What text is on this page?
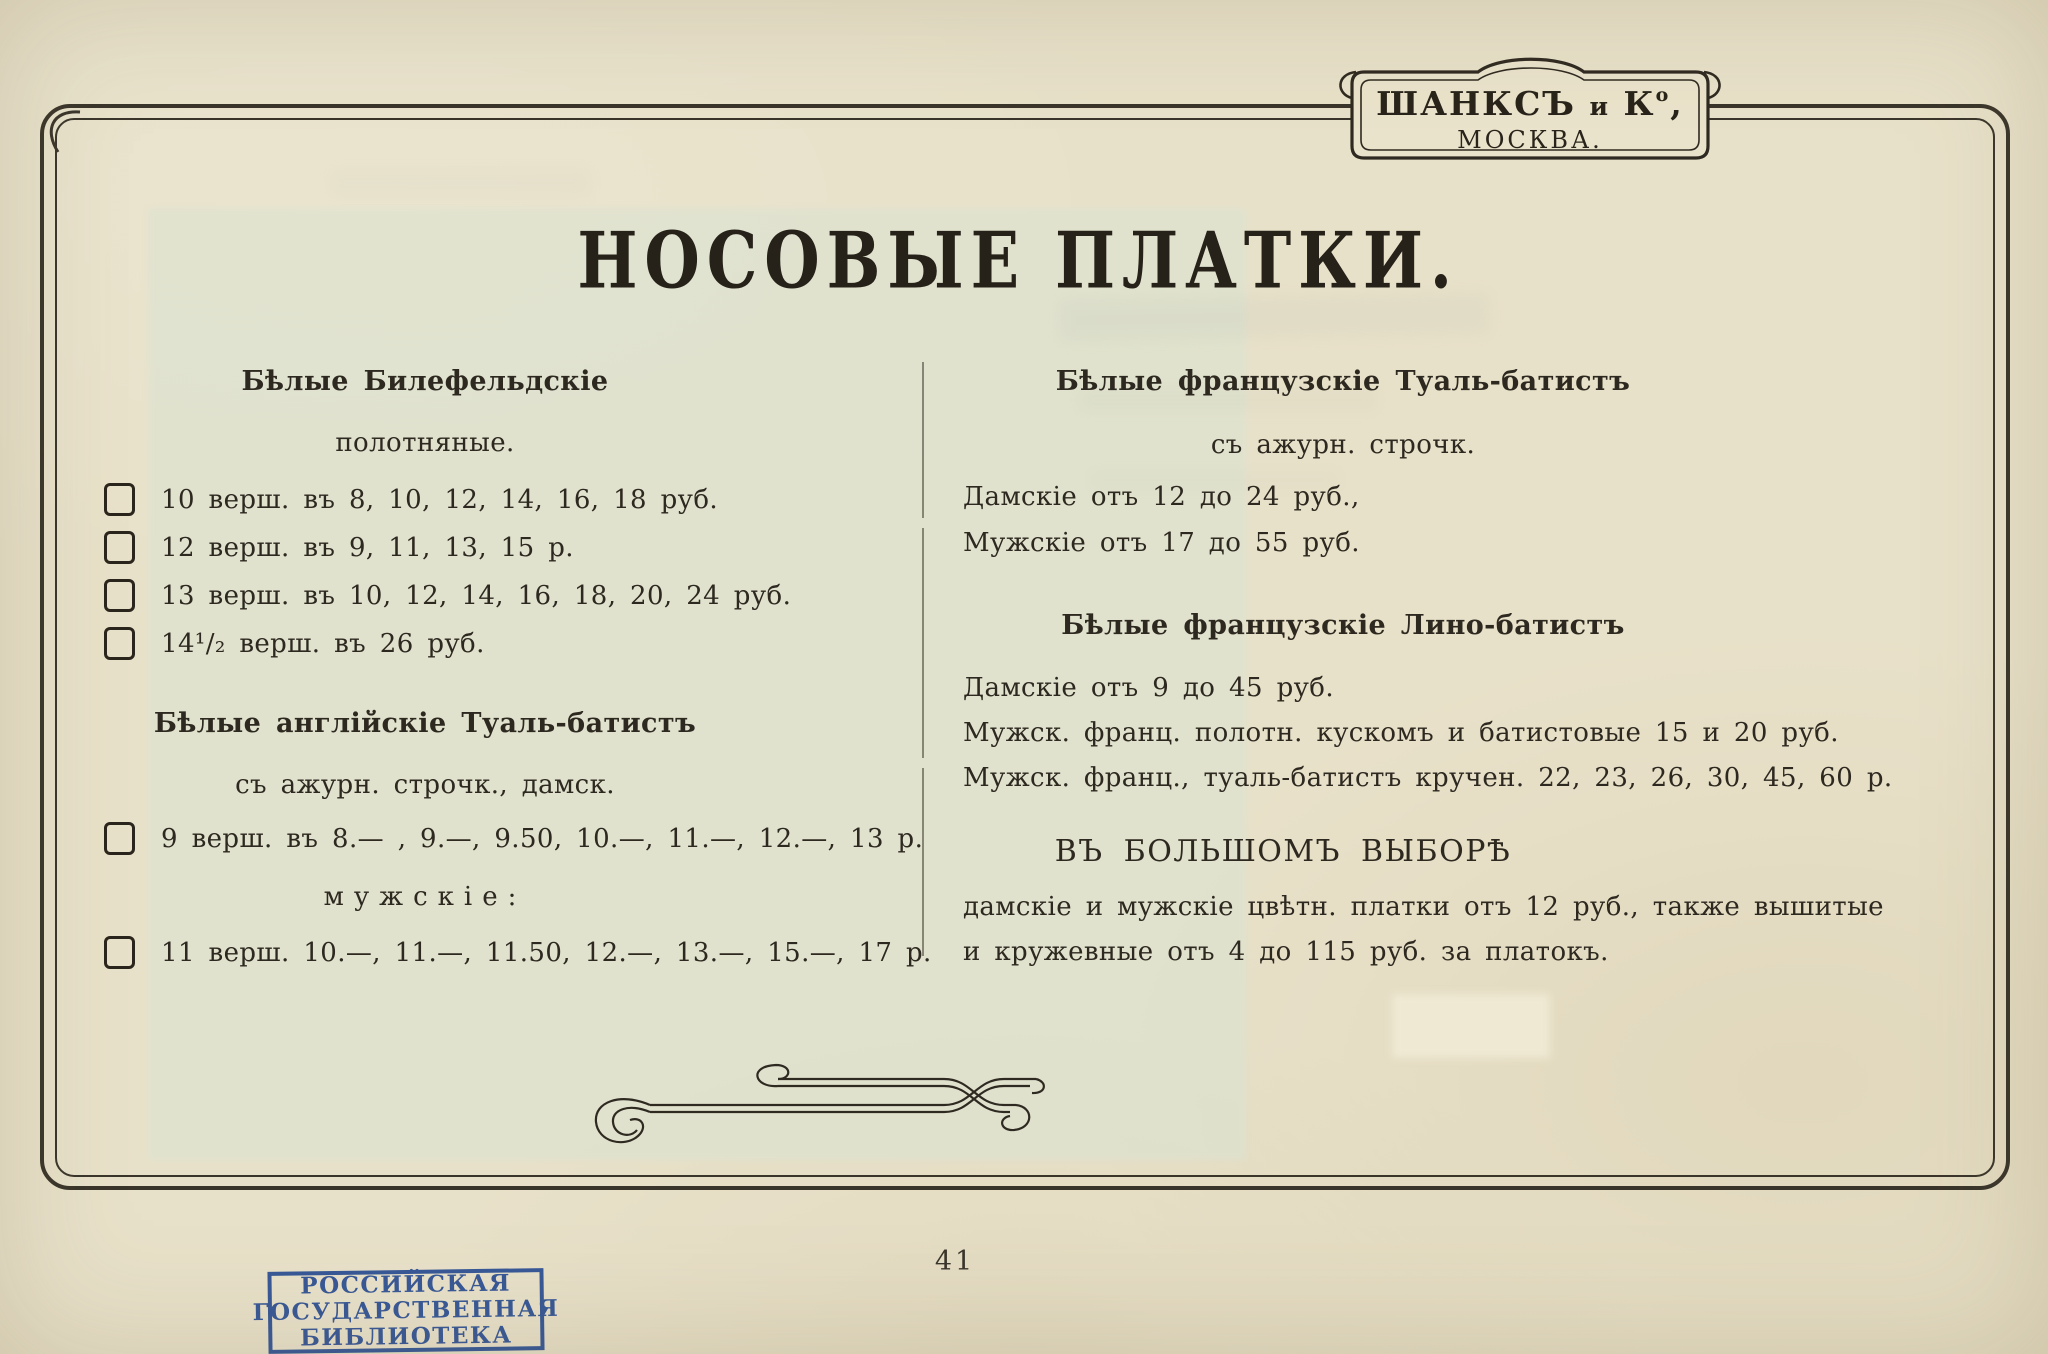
ШАНКСЪ и $К^о$,
МОСКВА.
НОСОВЫЕ ПЛАТКИ.
Бѣлые Билефельдскіе
полотняные.
10 верш. въ 8, 10, 12, 14, 16, 18 руб.
12 верш. въ 9, 11, 13, 15 р.
13 верш. въ 10, 12, 14, 16, 18, 20, 24 руб.
14¹/₂ верш. въ 26 руб.
Бѣлые англійскіе Туаль-батистъ
съ ажурн. строчк., дамск.
9 верш. въ 8.— , 9.—, 9.50, 10.—, 11.—, 12.—, 13 р.
мужскіе:
11 верш. 10.—, 11.—, 11.50, 12.—, 13.—, 15.—, 17 р.
Бѣлые французскіе Туаль-батистъ
съ ажурн. строчк.
Дамскіе отъ 12 до 24 руб.,
Мужскіе отъ 17 до 55 руб.
Бѣлые французскіе Лино-батистъ
Дамскіе отъ 9 до 45 руб.
Мужск. франц. полотн. кускомъ и батистовые 15 и 20 руб.
Мужск. франц., туаль-батистъ кручен. 22, 23, 26, 30, 45, 60 р.
ВЪ БОЛЬШОМЪ ВЫБОРѢ
дамскіе и мужскіе цвѣтн. платки отъ 12 руб., также вышитые
и кружевные отъ 4 до 115 руб. за платокъ.
41
РОССИЙСКАЯ
ГОСУДАРСТВЕННАЯ
БИБЛИОТЕКА
